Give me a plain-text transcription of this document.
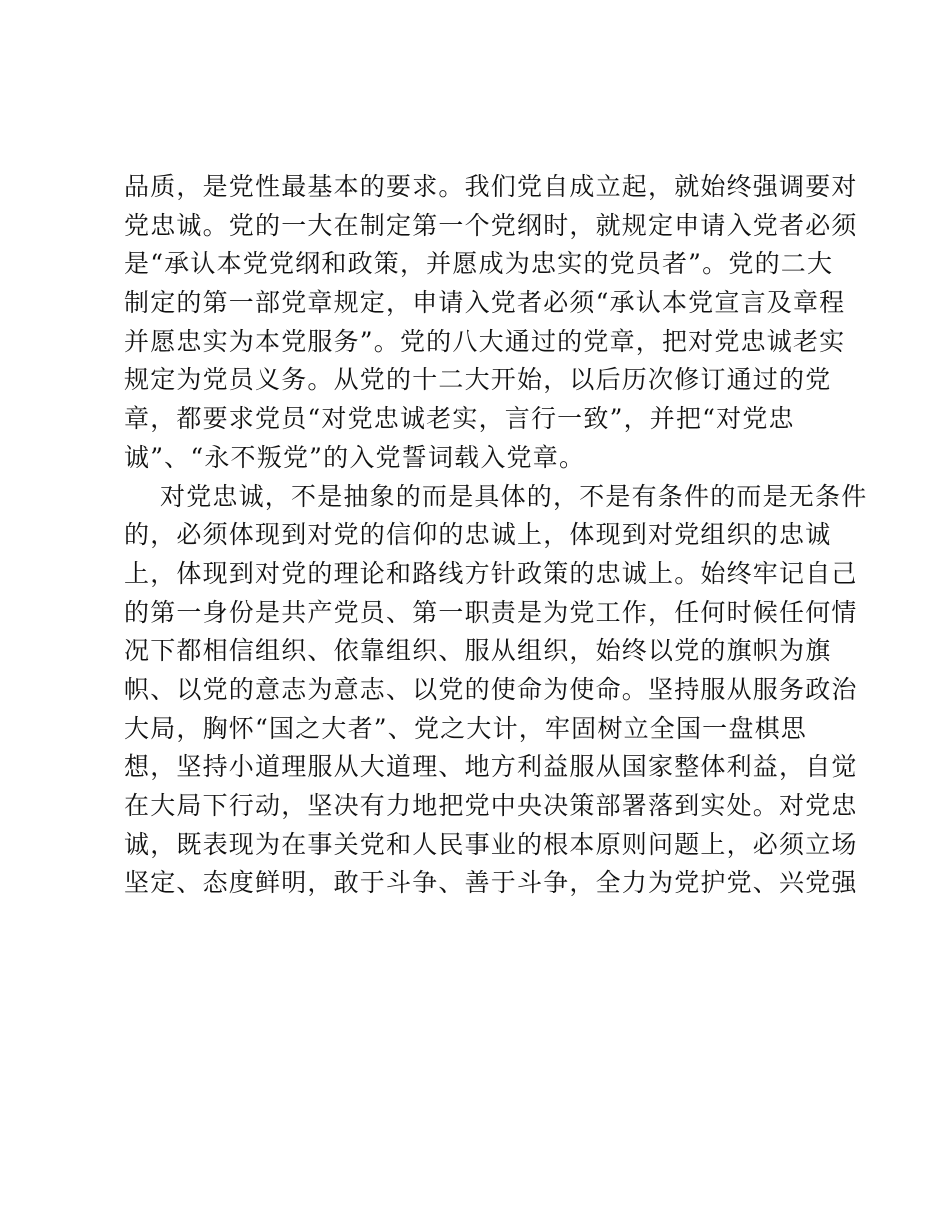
品质，是党性最基本的要求。我们党自成立起，就始终强调要对
党忠诚。党的一大在制定第一个党纲时，就规定申请入党者必须
是“承认本党党纲和政策，并愿成为忠实的党员者”。党的二大
制定的第一部党章规定，申请入党者必须“承认本党宣言及章程
并愿忠实为本党服务”。党的八大通过的党章，把对党忠诚老实
规定为党员义务。从党的十二大开始，以后历次修订通过的党
章，都要求党员“对党忠诚老实，言行一致”，并把“对党忠
诚”、“永不叛党”的入党誓词载入党章。
对党忠诚，不是抽象的而是具体的，不是有条件的而是无条件
的，必须体现到对党的信仰的忠诚上，体现到对党组织的忠诚
上，体现到对党的理论和路线方针政策的忠诚上。始终牢记自己
的第一身份是共产党员、第一职责是为党工作，任何时候任何情
况下都相信组织、依靠组织、服从组织，始终以党的旗帜为旗
帜、以党的意志为意志、以党的使命为使命。坚持服从服务政治
大局，胸怀“国之大者”、党之大计，牢固树立全国一盘棋思
想，坚持小道理服从大道理、地方利益服从国家整体利益，自觉
在大局下行动，坚决有力地把党中央决策部署落到实处。对党忠
诚，既表现为在事关党和人民事业的根本原则问题上，必须立场
坚定、态度鲜明，敢于斗争、善于斗争，全力为党护党、兴党强
